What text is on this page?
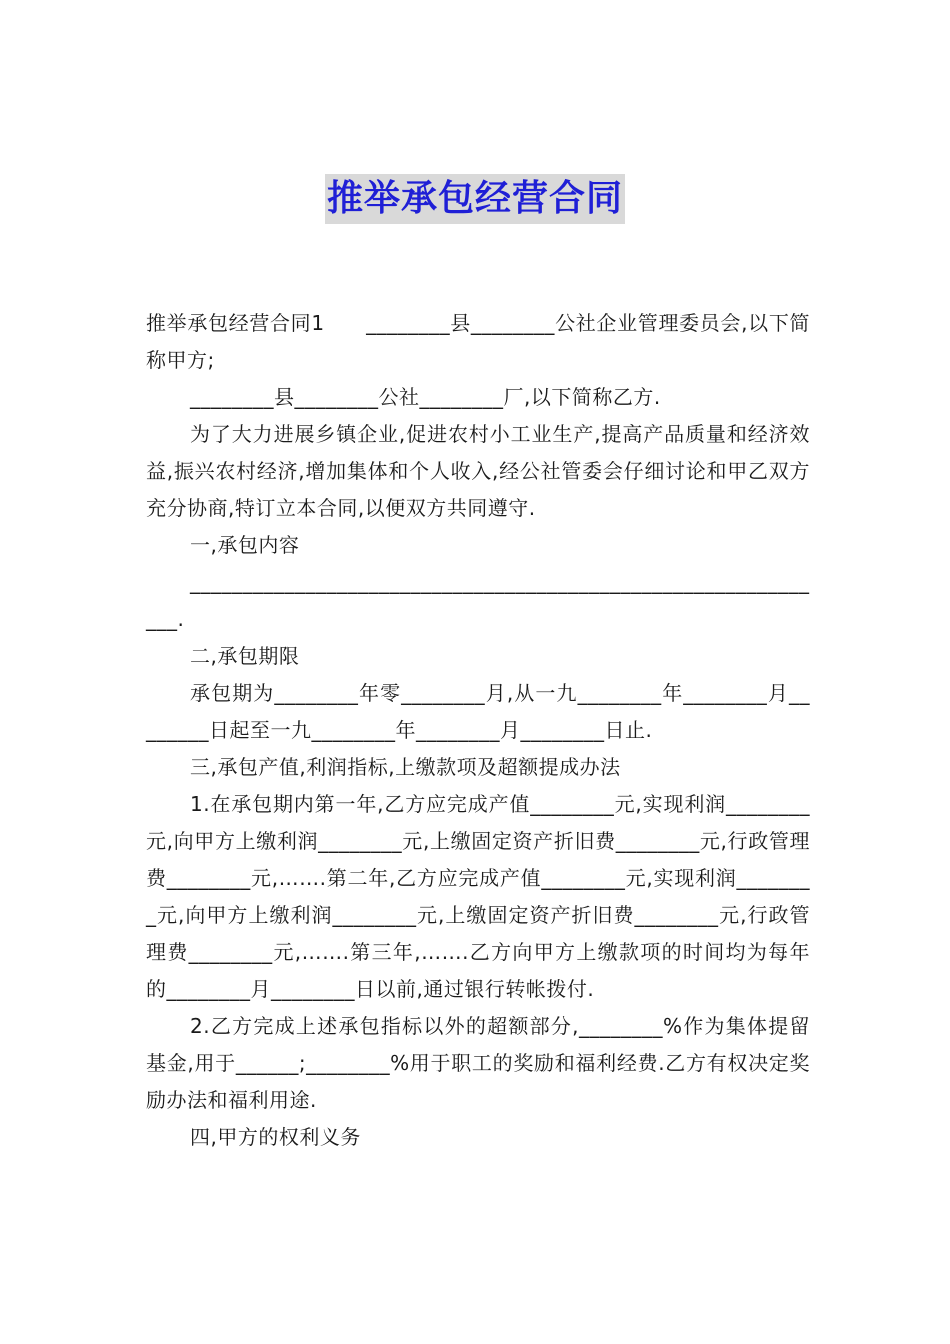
推举承包经营合同

推举承包经营合同1　　________县________公社企业管理委员会,以下简称甲方;

________县________公社________厂,以下简称乙方.

为了大力进展乡镇企业,促进农村小工业生产,提高产品质量和经济效益,振兴农村经济,增加集体和个人收入,经公社管委会仔细讨论和甲乙双方充分协商,特订立本合同,以便双方共同遵守.

一,承包内容

______________________________________________________________.

二,承包期限

承包期为________年零________月,从一九________年________月________日起至一九________年________月________日止.

三,承包产值,利润指标,上缴款项及超额提成办法

1.在承包期内第一年,乙方应完成产值________元,实现利润________元,向甲方上缴利润________元,上缴固定资产折旧费________元,行政管理费________元,…….第二年,乙方应完成产值________元,实现利润________元,向甲方上缴利润________元,上缴固定资产折旧费________元,行政管理费________元,…….第三年,…….乙方向甲方上缴款项的时间均为每年的________月________日以前,通过银行转帐拨付.

2.乙方完成上述承包指标以外的超额部分,________%作为集体提留基金,用于______;________%用于职工的奖励和福利经费.乙方有权决定奖励办法和福利用途.

四,甲方的权利义务
